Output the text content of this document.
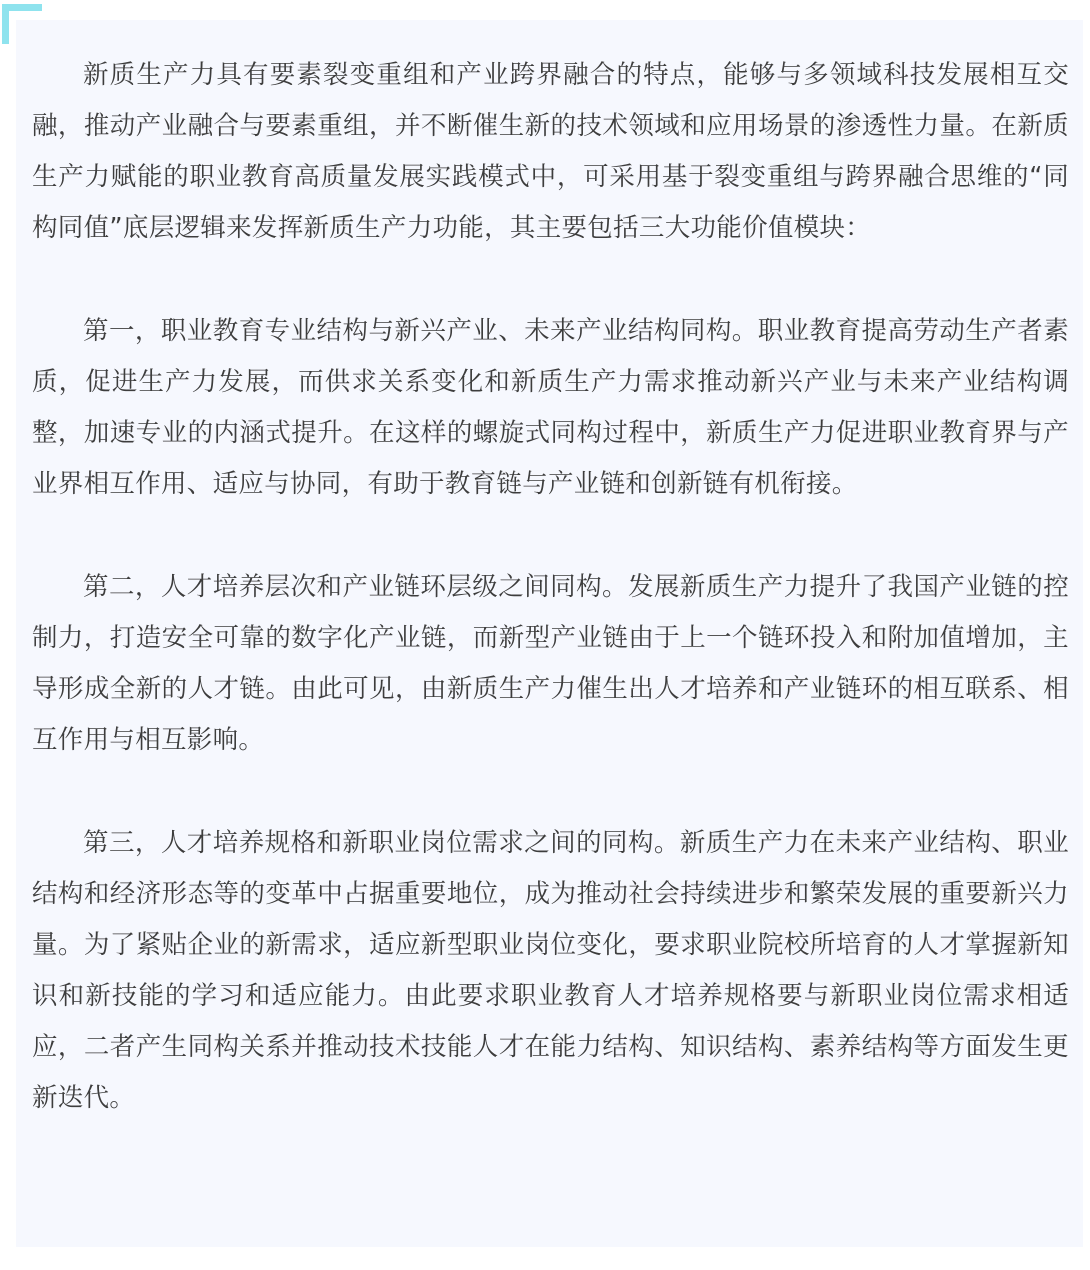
新质生产力具有要素裂变重组和产业跨界融合的特点，能够与多领域科技发展相互交融，推动产业融合与要素重组，并不断催生新的技术领域和应用场景的渗透性力量。在新质生产力赋能的职业教育高质量发展实践模式中，可采用基于裂变重组与跨界融合思维的“同构同值”底层逻辑来发挥新质生产力功能，其主要包括三大功能价值模块：

第一，职业教育专业结构与新兴产业、未来产业结构同构。职业教育提高劳动生产者素质，促进生产力发展，而供求关系变化和新质生产力需求推动新兴产业与未来产业结构调整，加速专业的内涵式提升。在这样的螺旋式同构过程中，新质生产力促进职业教育界与产业界相互作用、适应与协同，有助于教育链与产业链和创新链有机衔接。

第二，人才培养层次和产业链环层级之间同构。发展新质生产力提升了我国产业链的控制力，打造安全可靠的数字化产业链，而新型产业链由于上一个链环投入和附加值增加，主导形成全新的人才链。由此可见，由新质生产力催生出人才培养和产业链环的相互联系、相互作用与相互影响。

第三，人才培养规格和新职业岗位需求之间的同构。新质生产力在未来产业结构、职业结构和经济形态等的变革中占据重要地位，成为推动社会持续进步和繁荣发展的重要新兴力量。为了紧贴企业的新需求，适应新型职业岗位变化，要求职业院校所培育的人才掌握新知识和新技能的学习和适应能力。由此要求职业教育人才培养规格要与新职业岗位需求相适应，二者产生同构关系并推动技术技能人才在能力结构、知识结构、素养结构等方面发生更新迭代。
